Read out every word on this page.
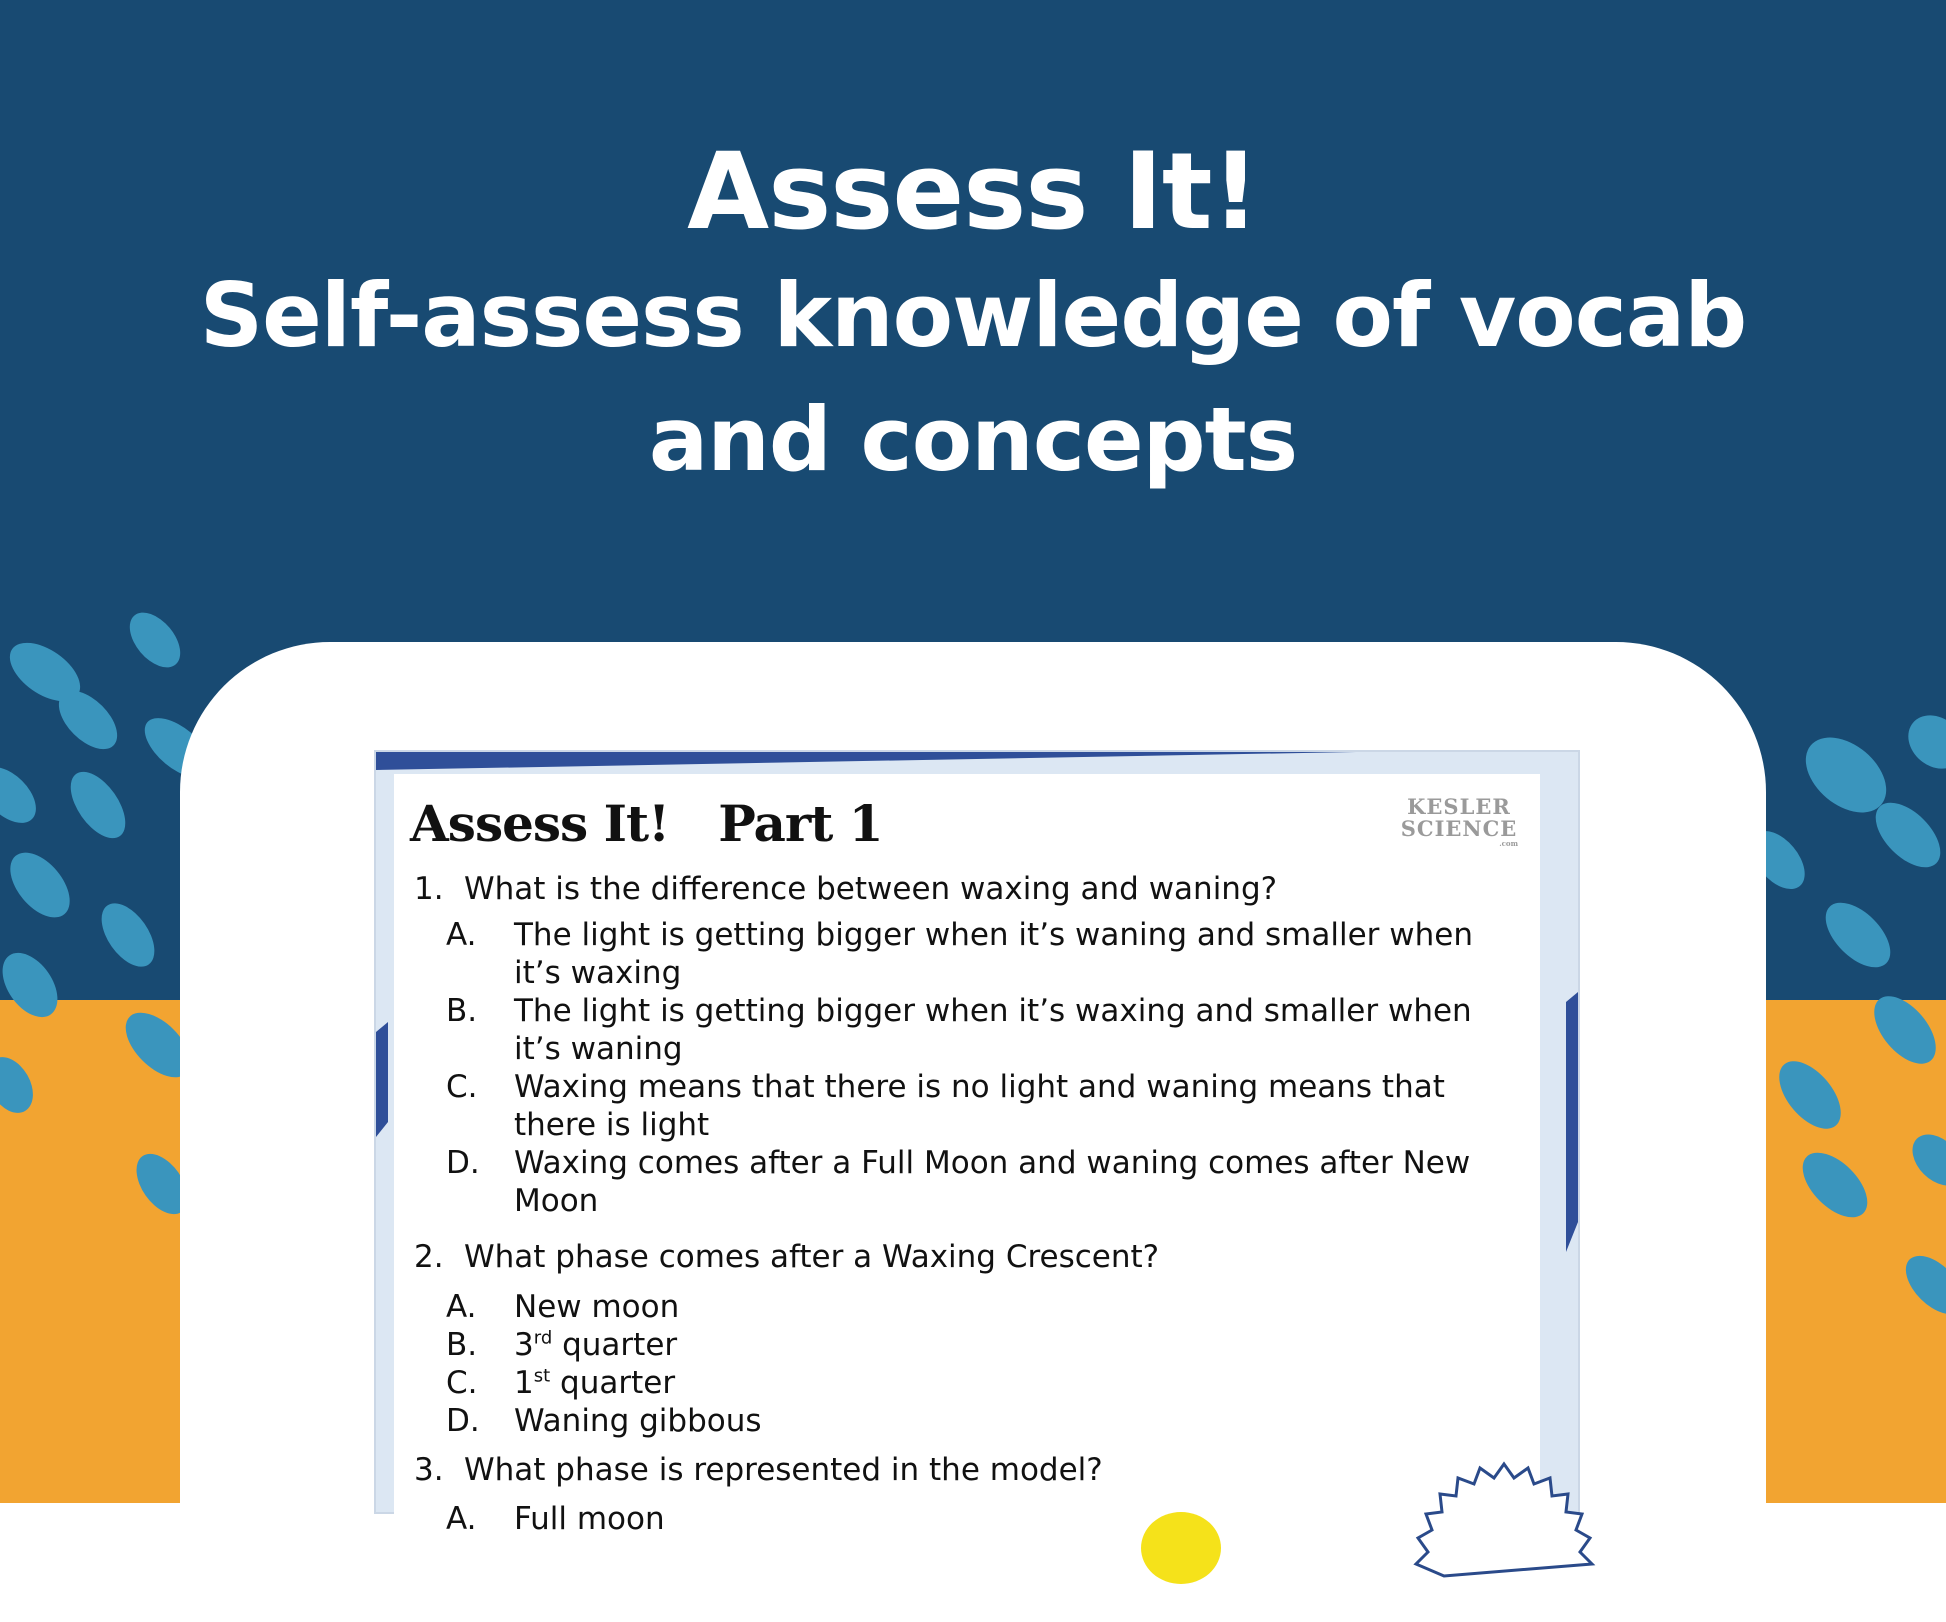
Assess It!
Self-assess knowledge of vocab
and concepts
Assess It!   Part 1	KESLER
SCIENCE
.com
1. What is the difference between waxing and waning?
A. The light is getting bigger when it’s waning and smaller when it’s waxing
B. The light is getting bigger when it’s waxing and smaller when it’s waning
C. Waxing means that there is no light and waning means that there is light
D. Waxing comes after a Full Moon and waning comes after New Moon
2. What phase comes after a Waxing Crescent?
A. New moon
B. 3rd quarter
C. 1st quarter
D. Waning gibbous
3. What phase is represented in the model?
A. Full moon
